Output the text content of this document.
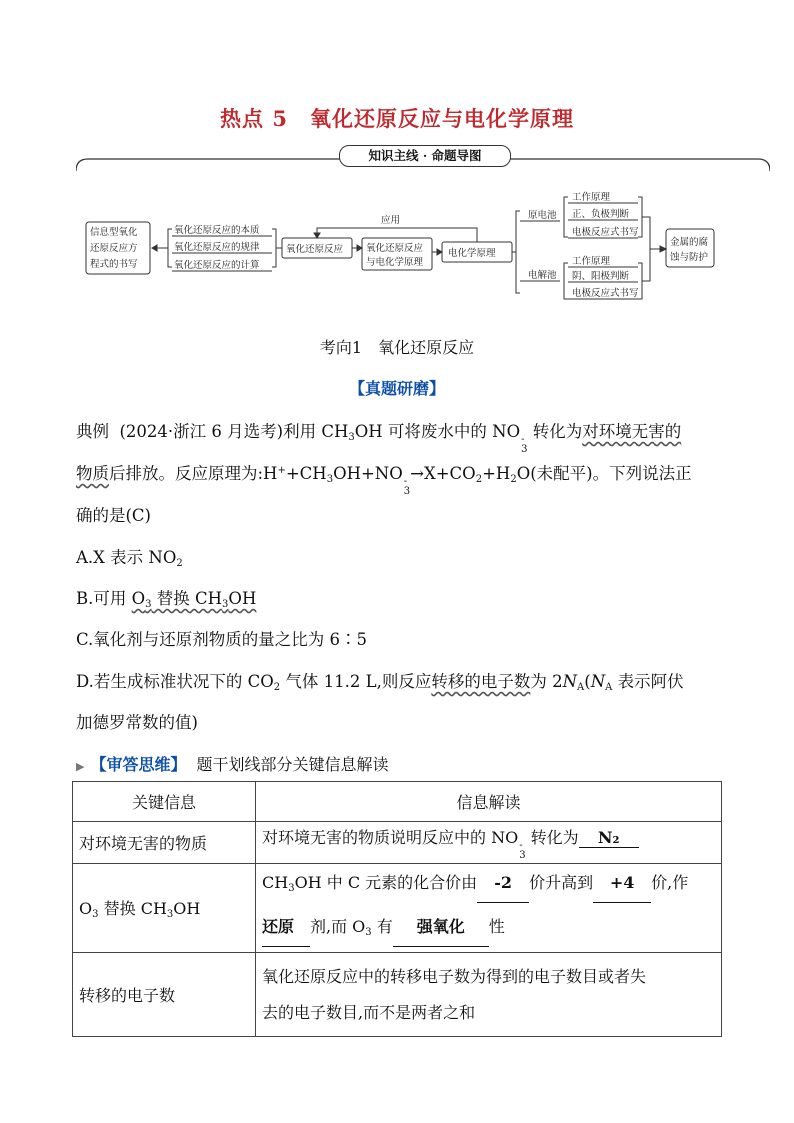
热点 5 氧化还原反应与电化学原理
知识主线 · 命题导图
信息型氧化
还原反应方
程式的书写
氧化还原反应的本质
氧化还原反应的规律
氧化还原反应的计算
氧化还原反应 氧化还原反应
与电化学原理
应用
电化学原理
原电池
电解池
工作原理
正、负极判断
电极反应式书写
工作原理
阴、阳极判断
电极反应式书写
金属的腐
蚀与防护
考向1 氧化还原反应
【真题研磨】
典例 (2024·浙江 6 月选考)利用 $CH_3OH$ 可将废水中的 NO -
3
转化为对环境无害的
物质后排放。反应原理为$:H^++CH_3OH+NO$ -
3
$\to X+CO_2+H_2O$(未配平)。下列说法正
确的是(C)
A.X 表示 $NO_2$
B.可用 $O_3$ 替换 $CH_3OH$
C.氧化剂与还原剂物质的量之比为 6∶5
D.若生成标准状况下的 $CO_2$ 气体 11.2 L,则反应转移的电子数为 $2N_A(N_A$ 表示阿伏
加德罗常数的值)
▶ 【审答思维】 题干划线部分关键信息解读
关键信息	信息解读
对环境无害的物质	对环境无害的物质说明反应中的 NO -
3
转化为 N₂
$O_3$ 替换 $CH_3OH$	$CH_3OH$ 中 C 元素的化合价由 -2 价升高到 +4 价,作
还原 剂,而 $O_3$ 有 强氧化 性
转移的电子数	氧化还原反应中的转移电子数为得到的电子数目或者失
去的电子数目,而不是两者之和
